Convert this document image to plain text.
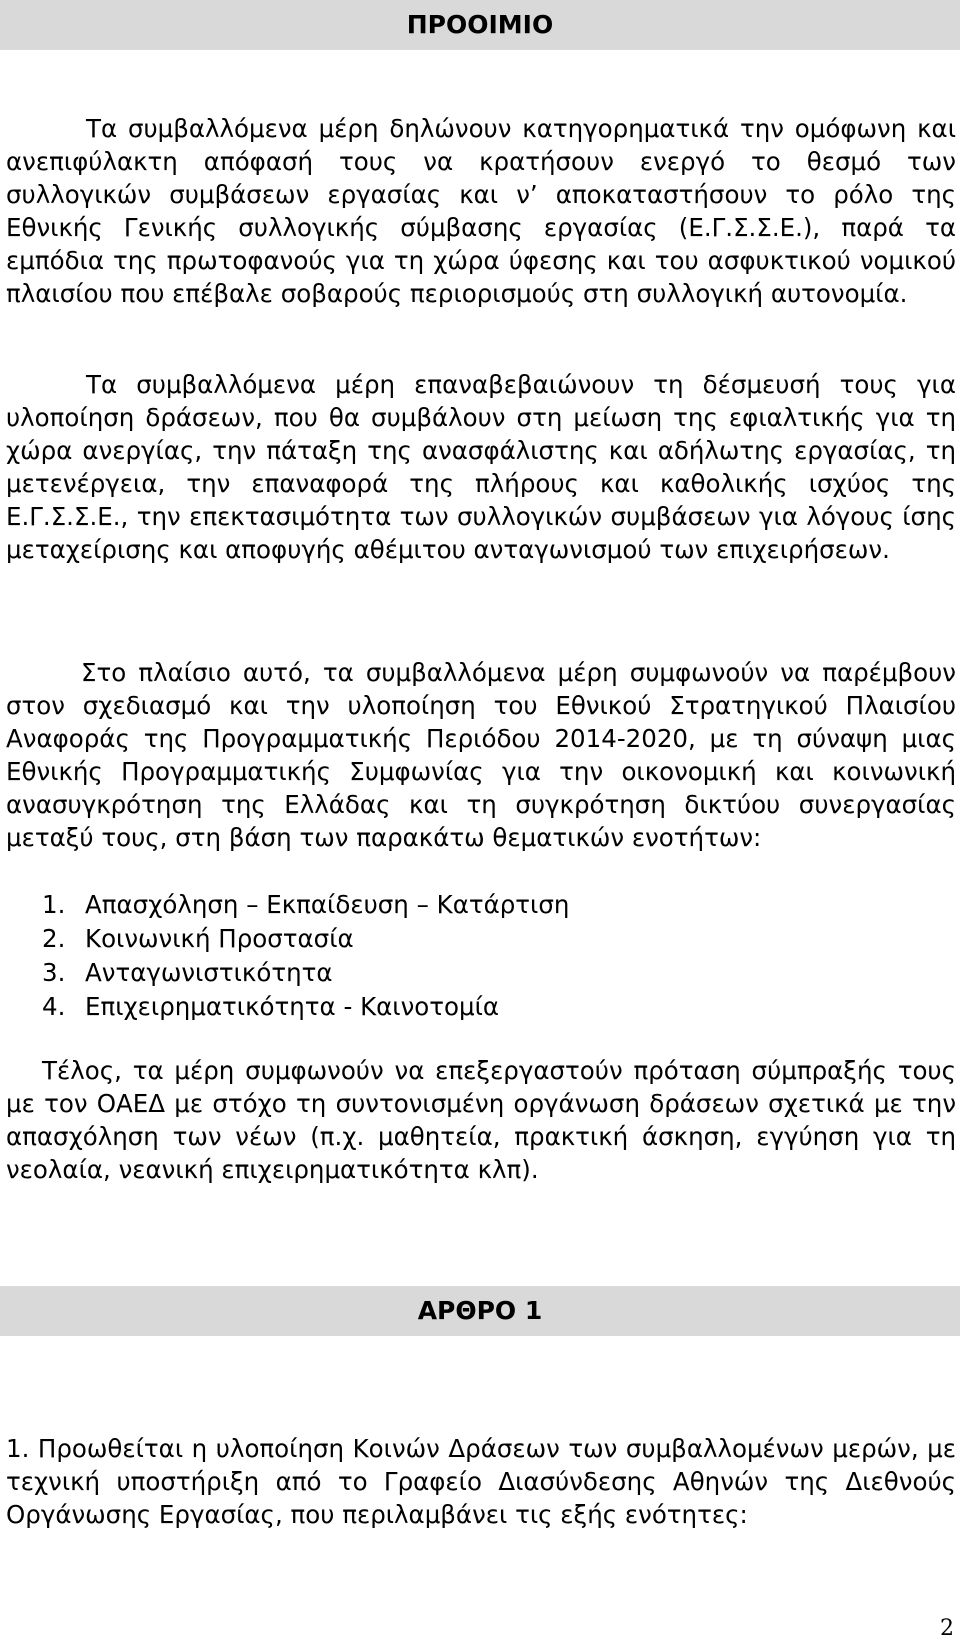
ΠΡΟΟΙΜΙΟ

Τα συμβαλλόμενα μέρη δηλώνουν κατηγορηματικά την ομόφωνη και ανεπιφύλακτη απόφασή τους να κρατήσουν ενεργό το θεσμό των συλλογικών συμβάσεων εργασίας και ν’ αποκαταστήσουν το ρόλο της Εθνικής Γενικής συλλογικής σύμβασης εργασίας (Ε.Γ.Σ.Σ.Ε.), παρά τα εμπόδια της πρωτοφανούς για τη χώρα ύφεσης και του ασφυκτικού νομικού πλαισίου που επέβαλε σοβαρούς περιορισμούς στη συλλογική αυτονομία.

Τα συμβαλλόμενα μέρη επαναβεβαιώνουν τη δέσμευσή τους για υλοποίηση δράσεων, που θα συμβάλουν στη μείωση της εφιαλτικής για τη χώρα ανεργίας, την πάταξη της ανασφάλιστης και αδήλωτης εργασίας, τη μετενέργεια, την επαναφορά της πλήρους και καθολικής ισχύος της Ε.Γ.Σ.Σ.Ε., την επεκτασιμότητα των συλλογικών συμβάσεων για λόγους ίσης μεταχείρισης και αποφυγής αθέμιτου ανταγωνισμού των επιχειρήσεων.

Στο πλαίσιο αυτό, τα συμβαλλόμενα μέρη συμφωνούν να παρέμβουν στον σχεδιασμό και την υλοποίηση του Εθνικού Στρατηγικού Πλαισίου Αναφοράς της Προγραμματικής Περιόδου 2014-2020, με τη σύναψη μιας Εθνικής Προγραμματικής Συμφωνίας για την οικονομική και κοινωνική ανασυγκρότηση της Ελλάδας και τη συγκρότηση δικτύου συνεργασίας μεταξύ τους, στη βάση των παρακάτω θεματικών ενοτήτων:

1. Απασχόληση – Εκπαίδευση – Κατάρτιση
2. Κοινωνική Προστασία
3. Ανταγωνιστικότητα
4. Επιχειρηματικότητα - Καινοτομία

Τέλος, τα μέρη συμφωνούν να επεξεργαστούν πρόταση σύμπραξής τους με τον ΟΑΕΔ με στόχο τη συντονισμένη οργάνωση δράσεων σχετικά με την απασχόληση των νέων (π.χ. μαθητεία, πρακτική άσκηση, εγγύηση για τη νεολαία, νεανική επιχειρηματικότητα κλπ).

ΑΡΘΡΟ 1

1. Προωθείται η υλοποίηση Κοινών Δράσεων των συμβαλλομένων μερών, με τεχνική υποστήριξη από το Γραφείο Διασύνδεσης Αθηνών της Διεθνούς Οργάνωσης Εργασίας, που περιλαμβάνει τις εξής ενότητες:

2
